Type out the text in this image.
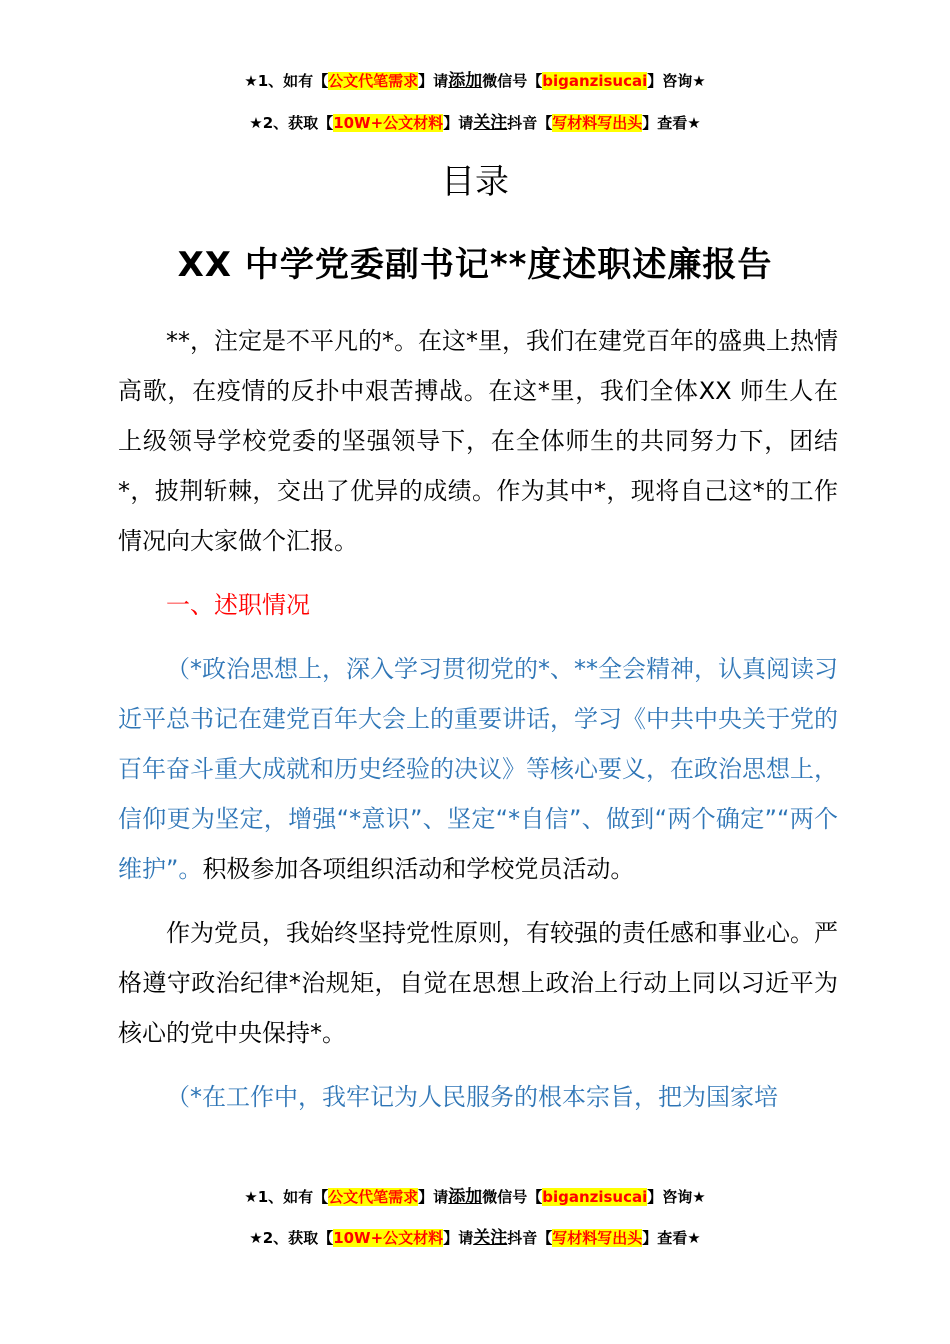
★1、如有【公文代笔需求】请添加微信号【biganzisucai】咨询★
★2、获取【10W+公文材料】请关注抖音【写材料写出头】查看★
目录
XX 中学党委副书记**度述职述廉报告

**，注定是不平凡的*。在这*里，我们在建党百年的盛典上热情高歌，在疫情的反扑中艰苦搏战。在这*里，我们全体XX 师生人在上级领导学校党委的坚强领导下，在全体师生的共同努力下，团结*，披荆斩棘，交出了优异的成绩。作为其中*，现将自己这*的工作情况向大家做个汇报。

一、述职情况

（*政治思想上，深入学习贯彻党的*、**全会精神，认真阅读习近平总书记在建党百年大会上的重要讲话，学习《中共中央关于党的百年奋斗重大成就和历史经验的决议》等核心要义，在政治思想上，信仰更为坚定，增强“*意识”、坚定“*自信”、做到“两个确定”“两个维护”。积极参加各项组织活动和学校党员活动。

作为党员，我始终坚持党性原则，有较强的责任感和事业心。严格遵守政治纪律*治规矩，自觉在思想上政治上行动上同以习近平为核心的党中央保持*。

（*在工作中，我牢记为人民服务的根本宗旨，把为国家培

★1、如有【公文代笔需求】请添加微信号【biganzisucai】咨询★
★2、获取【10W+公文材料】请关注抖音【写材料写出头】查看★
